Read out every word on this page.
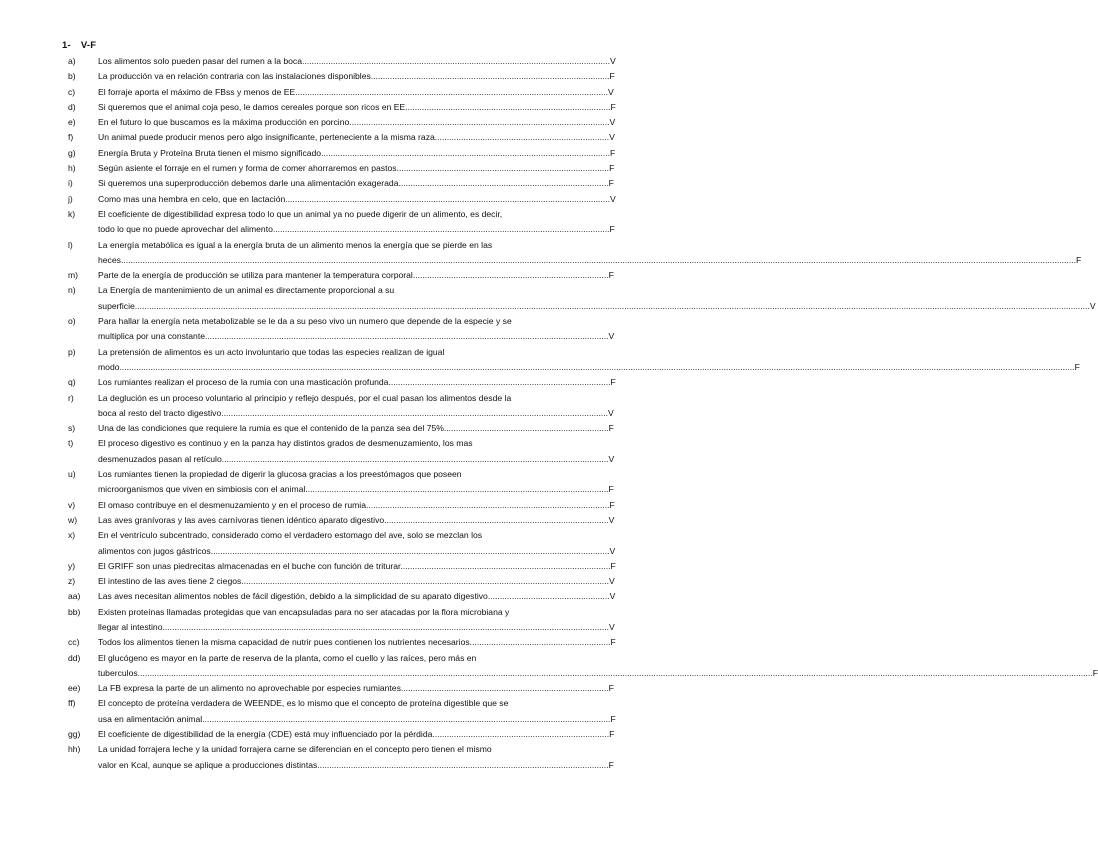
1- V-F
a)	Los alimentos solo pueden pasar del rumen a la boca.................................................................................................................................V
b)	La producción va en relación contraria con las instalaciones disponibles....................................................................................................F
c)	El forraje aporta el máximo de FBss y menos de EE...................................................................................................................................V
d)	Si queremos que el animal coja peso, le damos cereales porque son ricos en EE......................................................................................F
e)	En el futuro lo que buscamos es la máxima producción en porcino.............................................................................................................V
f)	Un animal puede producir menos pero algo insignificante, perteneciente a la misma raza.........................................................................V
g)	Energía Bruta y Proteína Bruta tienen el mismo significado.........................................................................................................................F
h)	Según asiente el forraje en el rumen y forma de comer ahorraremos en pastos.........................................................................................F
i)	Si queremos una superproducción debemos darle una alimentación exagerada........................................................................................F
j)	Como mas una hembra en celo, que en lactación........................................................................................................................................V
k)	El coeficiente de digestibilidad expresa todo lo que un animal ya no puede digerir de un alimento, es decir,
todo lo que no puede aprovechar del alimento.............................................................................................................................................F
l)	La energía metabólica es igual a la energía bruta de un alimento menos la energía que se pierde en las
heces................................................................................................................................................................................................................................................................................................................................................................................................................F
m)	Parte de la energía de producción se utiliza para mantener la temperatura corporal..................................................................................F
n)	La Energía de mantenimiento de un animal es directamente proporcional a su
superficie................................................................................................................................................................................................................................................................................................................................................................................................................V
o)	Para hallar la energía neta metabolizable se le da a su peso vivo un numero que depende de la especie y se
multiplica por una constante.........................................................................................................................................................................V
p)	La pretensión de alimentos es un acto involuntario que todas las especies realizan de igual
modo................................................................................................................................................................................................................................................................................................................................................................................................................F
q)	Los rumiantes realizan el proceso de la rumia con una masticación profunda.............................................................................................F
r)	La deglución es un proceso voluntario al principio y reflejo después, por el cual pasan los alimentos desde la
boca al resto del tracto digestivo..................................................................................................................................................................V
s)	Una de las condiciones que requiere la rumia es que el contenido de la panza sea del 75%.....................................................................F
t)	El proceso digestivo es continuo y en la panza hay distintos grados de desmenuzamiento, los mas
desmenuzados pasan al retículo..................................................................................................................................................................V
u)	Los rumiantes tienen la propiedad de digerir la glucosa gracias a los preestómagos que poseen
microorganismos que viven en simbiosis con el animal...............................................................................................................................F
v)	El omaso contribuye en el desmenuzamiento y en el proceso de rumia......................................................................................................F
w)	Las aves granívoras y las aves carnívoras tienen idéntico aparato digestivo..............................................................................................V
x)	En el ventrículo subcentrado, considerado como el verdadero estomago del ave, solo se mezclan los
alimentos con jugos gástricos.......................................................................................................................................................................V
y)	El GRIFF son unas piedrecitas almacenadas en el buche con función de triturar........................................................................................F
z)	El intestino de las aves tiene 2 ciegos..........................................................................................................................................................V
aa)	Las aves necesitan alimentos nobles de fácil digestión, debido a la simplicidad de su aparato digestivo...................................................V
bb)	Existen proteínas llamadas protegidas que van encapsuladas para no ser atacadas por la flora microbiana y
llegar al intestino...........................................................................................................................................................................................V
cc)	Todos los alimentos tienen la misma capacidad de nutrir pues contienen los nutrientes necesarios...........................................................F
dd)	El glucógeno es mayor en la parte de reserva de la planta, como el cuello y las raíces, pero más en
tuberculos................................................................................................................................................................................................................................................................................................................................................................................................................F
ee)	La FB expresa la parte de un alimento no aprovechable por especies rumiantes.......................................................................................F
ff)	El concepto de proteína verdadera de WEENDE, es lo mismo que el concepto de proteína digestible que se
usa en alimentación animal...........................................................................................................................................................................F
gg)	El coeficiente de digestibilidad de la energía (CDE) está muy influenciado por la pérdida..........................................................................F
hh)	La unidad forrajera leche y la unidad forrajera carne se diferencian en el concepto pero tienen el mismo
valor en Kcal, aunque se aplique a producciones distintas..........................................................................................................................F
